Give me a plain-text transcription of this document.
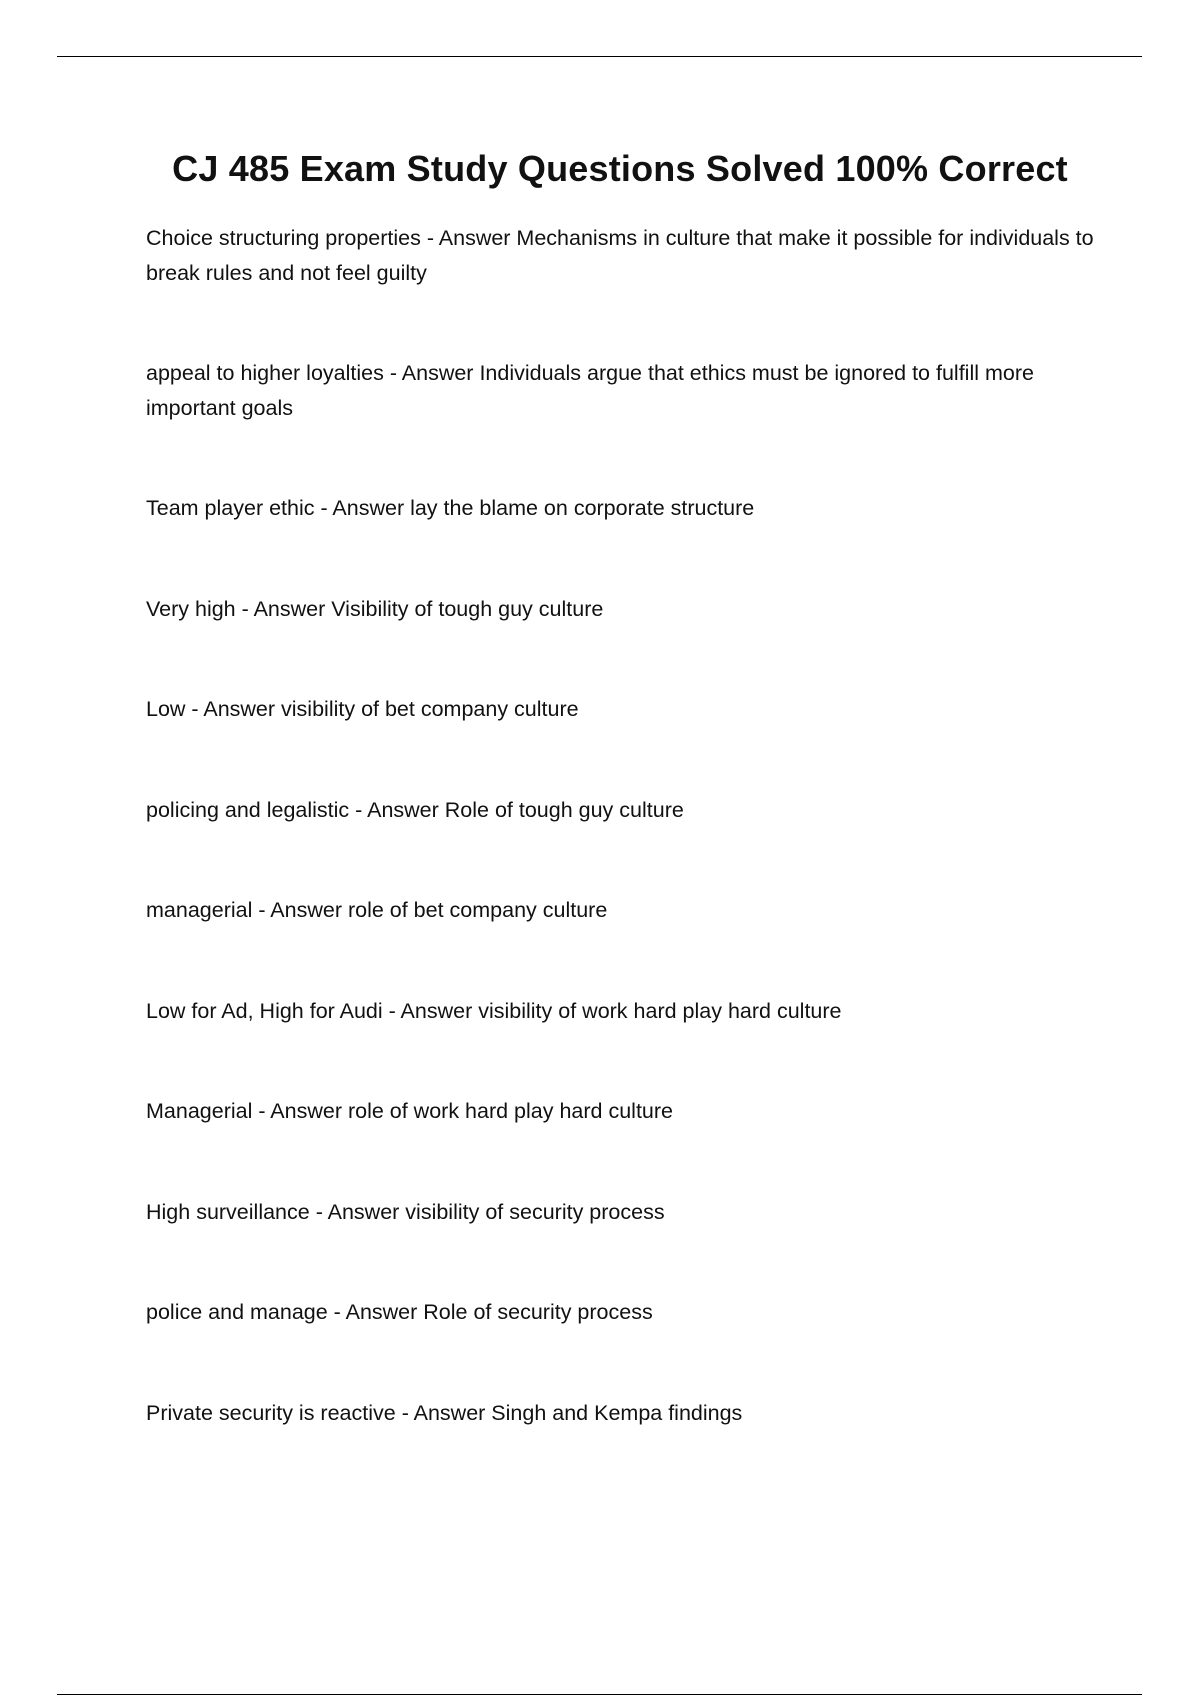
CJ 485 Exam Study Questions Solved 100% Correct
Choice structuring properties - Answer Mechanisms in culture that make it possible for individuals to break rules and not feel guilty
appeal to higher loyalties - Answer Individuals argue that ethics must be ignored to fulfill more important goals
Team player ethic - Answer lay the blame on corporate structure
Very high - Answer Visibility of tough guy culture
Low - Answer visibility of bet company culture
policing and legalistic - Answer Role of tough guy culture
managerial - Answer role of bet company culture
Low for Ad, High for Audi - Answer visibility of work hard play hard culture
Managerial - Answer role of work hard play hard culture
High surveillance - Answer visibility of security process
police and manage - Answer Role of security process
Private security is reactive - Answer Singh and Kempa findings
